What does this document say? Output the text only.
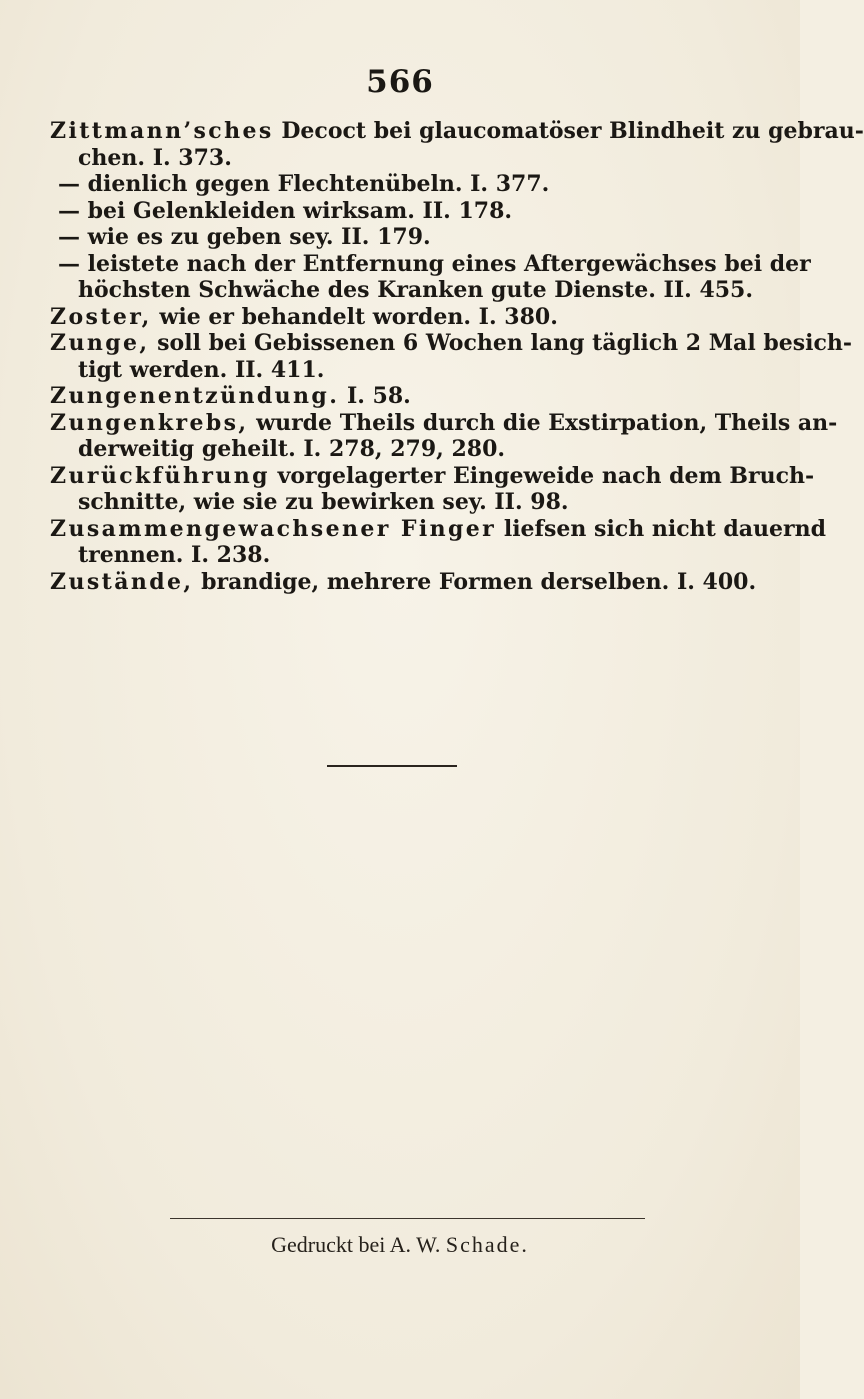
566
Zittmann’sches Decoct bei glaucomatöser Blindheit zu gebrau-
chen. I. 373.
— dienlich gegen Flechtenübeln. I. 377.
— bei Gelenkleiden wirksam. II. 178.
— wie es zu geben sey. II. 179.
— leistete nach der Entfernung eines Aftergewächses bei der
höchsten Schwäche des Kranken gute Dienste. II. 455.
Zoster, wie er behandelt worden. I. 380.
Zunge, soll bei Gebissenen 6 Wochen lang täglich 2 Mal besich-
tigt werden. II. 411.
Zungenentzündung. I. 58.
Zungenkrebs, wurde Theils durch die Exstirpation, Theils an-
derweitig geheilt. I. 278, 279, 280.
Zurückführung vorgelagerter Eingeweide nach dem Bruch-
schnitte, wie sie zu bewirken sey. II. 98.
Zusammengewachsener Finger liefsen sich nicht dauernd
trennen. I. 238.
Zustände, brandige, mehrere Formen derselben. I. 400.
Gedruckt bei A. W. Schade.
